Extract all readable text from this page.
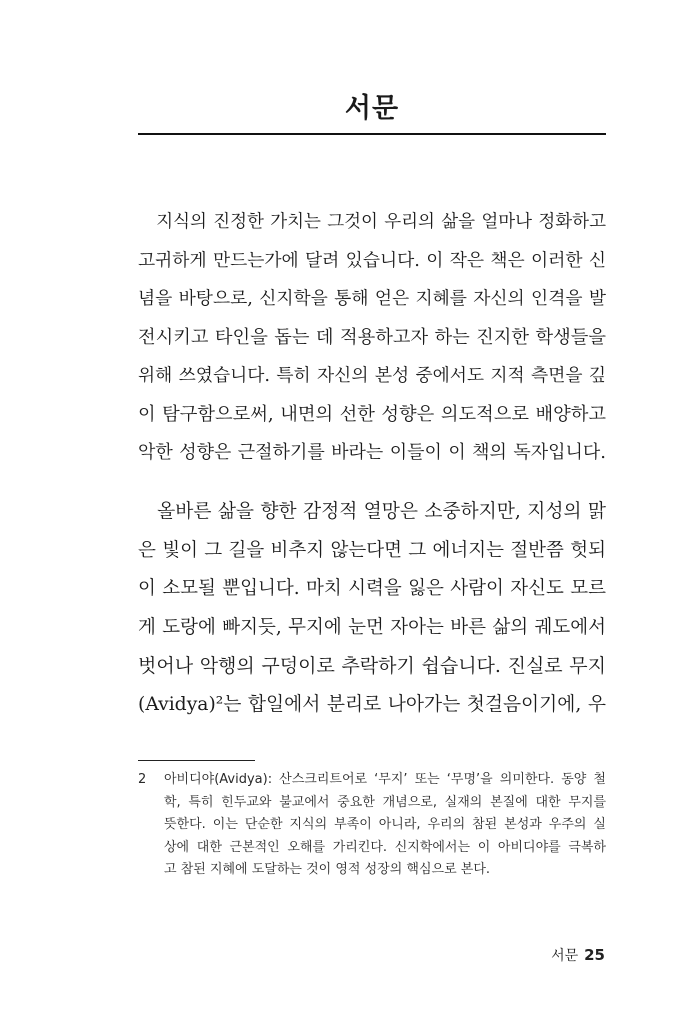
서문
　지식의 진정한 가치는 그것이 우리의 삶을 얼마나 정화하고
고귀하게 만드는가에 달려 있습니다. 이 작은 책은 이러한 신
념을 바탕으로, 신지학을 통해 얻은 지혜를 자신의 인격을 발
전시키고 타인을 돕는 데 적용하고자 하는 진지한 학생들을
위해 쓰였습니다. 특히 자신의 본성 중에서도 지적 측면을 깊
이 탐구함으로써, 내면의 선한 성향은 의도적으로 배양하고
악한 성향은 근절하기를 바라는 이들이 이 책의 독자입니다.
　올바른 삶을 향한 감정적 열망은 소중하지만, 지성의 맑
은 빛이 그 길을 비추지 않는다면 그 에너지는 절반쯤 헛되
이 소모될 뿐입니다. 마치 시력을 잃은 사람이 자신도 모르
게 도랑에 빠지듯, 무지에 눈먼 자아는 바른 삶의 궤도에서
벗어나 악행의 구덩이로 추락하기 쉽습니다. 진실로 무지
(Avidya)²는 합일에서 분리로 나아가는 첫걸음이기에, 우
2 아비디야(Avidya): 산스크리트어로 ‘무지’ 또는 ‘무명’을 의미한다. 동양 철
학, 특히 힌두교와 불교에서 중요한 개념으로, 실재의 본질에 대한 무지를
뜻한다. 이는 단순한 지식의 부족이 아니라, 우리의 참된 본성과 우주의 실
상에 대한 근본적인 오해를 가리킨다. 신지학에서는 이 아비디야를 극복하
고 참된 지혜에 도달하는 것이 영적 성장의 핵심으로 본다.
서문 25
